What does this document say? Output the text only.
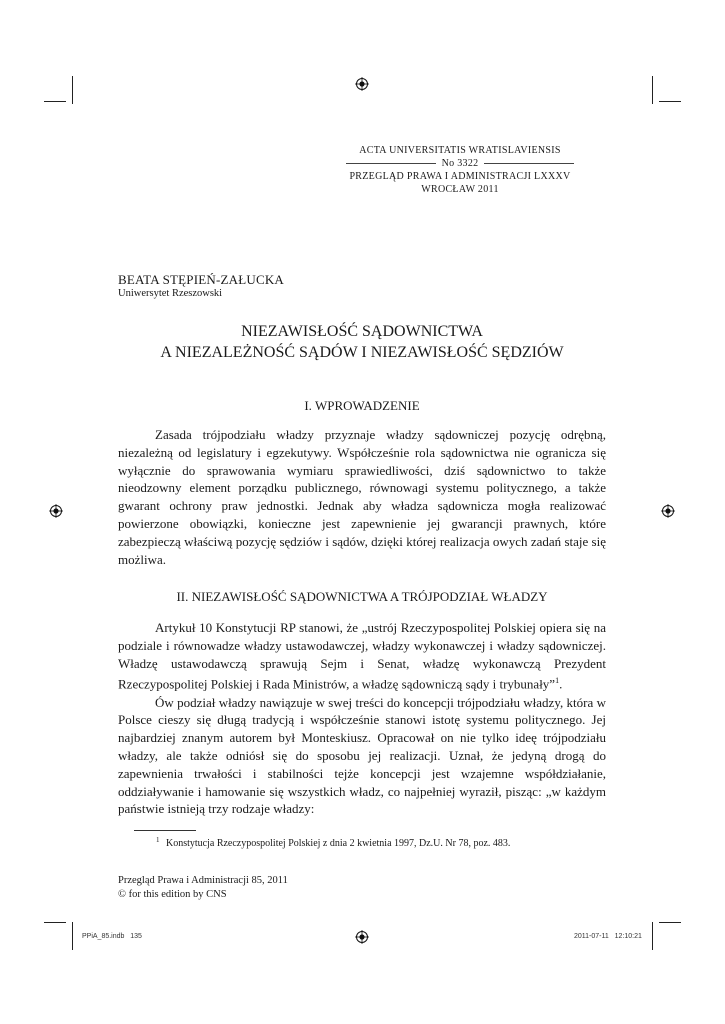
ACTA UNIVERSITATIS WRATISLAVIENSIS
No 3322
PRZEGLĄD PRAWA I ADMINISTRACJI LXXXV
WROCŁAW 2011
BEATA STĘPIEŃ-ZAŁUCKA
Uniwersytet Rzeszowski
NIEZAWISŁOŚĆ SĄDOWNICTWA
A NIEZALEŻNOŚĆ SĄDÓW I NIEZAWISŁOŚĆ SĘDZIÓW
I. WPROWADZENIE

Zasada trójpodziału władzy przyznaje władzy sądowniczej pozycję odrębną, niezależną od legislatury i egzekutywy. Współcześnie rola sądownictwa nie ogranicza się wyłącznie do sprawowania wymiaru sprawiedliwości, dziś sądownictwo to także nieodzowny element porządku publicznego, równowagi systemu politycznego, a także gwarant ochrony praw jednostki. Jednak aby władza sądownicza mogła realizować powierzone obowiązki, konieczne jest zapewnienie jej gwarancji prawnych, które zabezpieczą właściwą pozycję sędziów i sądów, dzięki której realizacja owych zadań staje się możliwa.

II. NIEZAWISŁOŚĆ SĄDOWNICTWA A TRÓJPODZIAŁ WŁADZY

Artykuł 10 Konstytucji RP stanowi, że „ustrój Rzeczypospolitej Polskiej opiera się na podziale i równowadze władzy ustawodawczej, władzy wykonawczej i władzy sądowniczej. Władzę ustawodawczą sprawują Sejm i Senat, władzę wykonawczą Prezydent Rzeczypospolitej Polskiej i Rada Ministrów, a władzę sądowniczą sądy i trybunały”$^1$.

Ów podział władzy nawiązuje w swej treści do koncepcji trójpodziału władzy, która w Polsce cieszy się długą tradycją i współcześnie stanowi istotę systemu politycznego. Jej najbardziej znanym autorem był Monteskiusz. Opracował on nie tylko ideę trójpodziału władzy, ale także odniósł się do sposobu jej realizacji. Uznał, że jedyną drogą do zapewnienia trwałości i stabilności tejże koncepcji jest wzajemne współdziałanie, oddziaływanie i hamowanie się wszystkich władz, co najpełniej wyraził, pisząc: „w każdym państwie istnieją trzy rodzaje władzy:

$^1$ Konstytucja Rzeczypospolitej Polskiej z dnia 2 kwietnia 1997, Dz.U. Nr 78, poz. 483.
Przegląd Prawa i Administracji 85, 2011
© for this edition by CNS
PPiA_85.indb   135	2011-07-11   12:10:21
